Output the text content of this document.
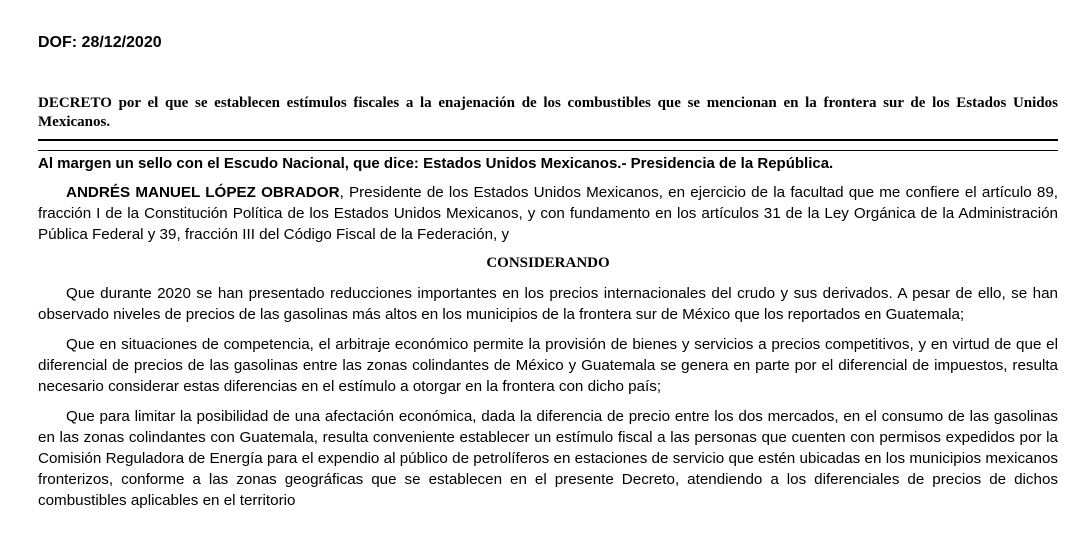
DOF: 28/12/2020
DECRETO por el que se establecen estímulos fiscales a la enajenación de los combustibles que se mencionan en la frontera sur de los Estados Unidos Mexicanos.

Al margen un sello con el Escudo Nacional, que dice: Estados Unidos Mexicanos.- Presidencia de la República.

ANDRÉS MANUEL LÓPEZ OBRADOR, Presidente de los Estados Unidos Mexicanos, en ejercicio de la facultad que me confiere el artículo 89, fracción I de la Constitución Política de los Estados Unidos Mexicanos, y con fundamento en los artículos 31 de la Ley Orgánica de la Administración Pública Federal y 39, fracción III del Código Fiscal de la Federación, y

CONSIDERANDO

Que durante 2020 se han presentado reducciones importantes en los precios internacionales del crudo y sus derivados. A pesar de ello, se han observado niveles de precios de las gasolinas más altos en los municipios de la frontera sur de México que los reportados en Guatemala;

Que en situaciones de competencia, el arbitraje económico permite la provisión de bienes y servicios a precios competitivos, y en virtud de que el diferencial de precios de las gasolinas entre las zonas colindantes de México y Guatemala se genera en parte por el diferencial de impuestos, resulta necesario considerar estas diferencias en el estímulo a otorgar en la frontera con dicho país;

Que para limitar la posibilidad de una afectación económica, dada la diferencia de precio entre los dos mercados, en el consumo de las gasolinas en las zonas colindantes con Guatemala, resulta conveniente establecer un estímulo fiscal a las personas que cuenten con permisos expedidos por la Comisión Reguladora de Energía para el expendio al público de petrolíferos en estaciones de servicio que estén ubicadas en los municipios mexicanos fronterizos, conforme a las zonas geográficas que se establecen en el presente Decreto, atendiendo a los diferenciales de precios de dichos combustibles aplicables en el territorio
